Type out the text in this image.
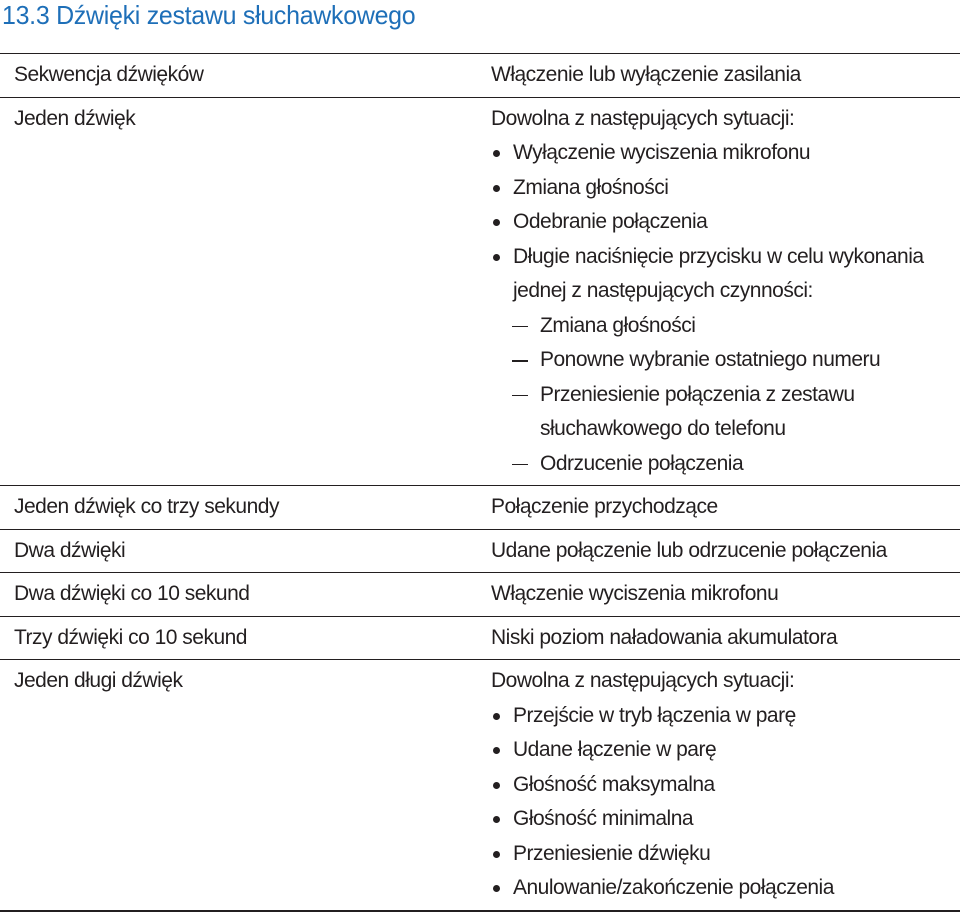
13.3 Dźwięki zestawu słuchawkowego
Sekwencja dźwięków	Włączenie lub wyłączenie zasilania
Jeden dźwięk	Dowolna z następujących sytuacji:
Wyłączenie wyciszenia mikrofonu
Zmiana głośności
Odebranie połączenia
Długie naciśnięcie przycisku w celu wykonania
jednej z następujących czynności:
Zmiana głośności
Ponowne wybranie ostatniego numeru
Przeniesienie połączenia z zestawu
słuchawkowego do telefonu
Odrzucenie połączenia
Jeden dźwięk co trzy sekundy	Połączenie przychodzące
Dwa dźwięki	Udane połączenie lub odrzucenie połączenia
Dwa dźwięki co 10 sekund	Włączenie wyciszenia mikrofonu
Trzy dźwięki co 10 sekund	Niski poziom naładowania akumulatora
Jeden długi dźwięk	Dowolna z następujących sytuacji:
Przejście w tryb łączenia w parę
Udane łączenie w parę
Głośność maksymalna
Głośność minimalna
Przeniesienie dźwięku
Anulowanie/zakończenie połączenia
